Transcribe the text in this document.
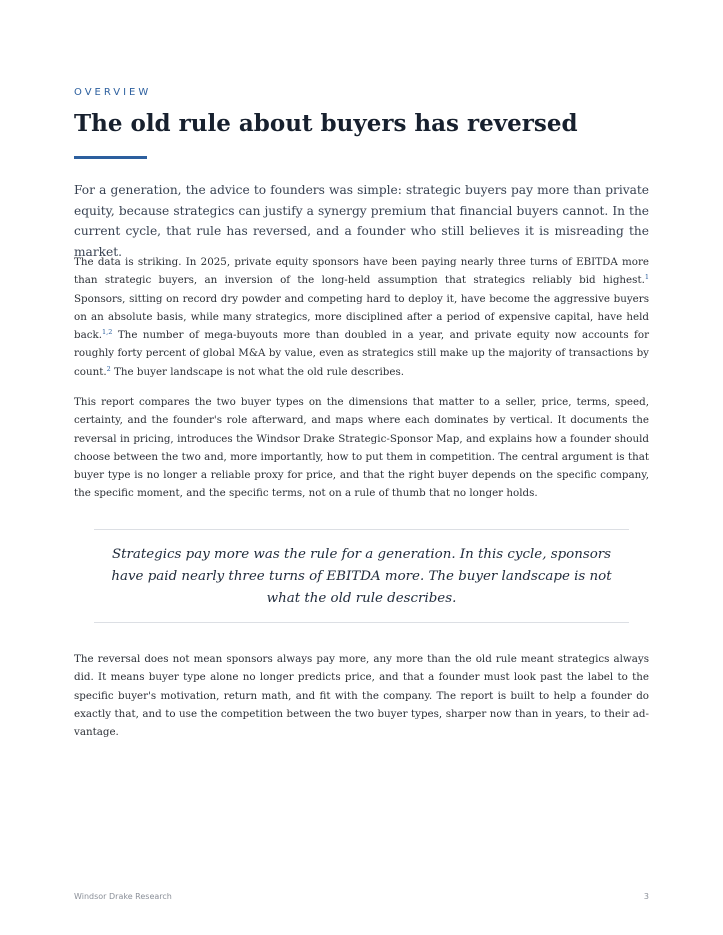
OVERVIEW
The old rule about buyers has reversed

For a generation, the advice to founders was simple: strategic buyers pay more than private equity, because strategics can justify a synergy premium that financial buyers cannot. In the current cycle, that rule has reversed, and a founder who still believes it is misreading the market.

The data is striking. In 2025, private equity sponsors have been paying nearly three turns of EBITDA more than strategic buyers, an inversion of the long-held assumption that strategics reliably bid highest.$^1$ Sponsors, sitting on record dry powder and competing hard to deploy it, have become the aggressive buyers on an absolute basis, while many strategics, more disciplined after a period of expensive capital, have held back.$^{1,2}$ The number of mega-buyouts more than doubled in a year, and private equity now accounts for roughly forty percent of global M&A by value, even as strategics still make up the majority of transactions by count.$^2$ The buyer landscape is not what the old rule describes.

This report compares the two buyer types on the dimensions that matter to a seller, price, terms, speed, certainty, and the founder's role afterward, and maps where each dominates by vertical. It documents the reversal in pricing, introduces the Windsor Drake Strategic-Sponsor Map, and explains how a founder should choose between the two and, more importantly, how to put them in competition. The central argument is that buyer type is no longer a reliable proxy for price, and that the right buyer depends on the specific company, the specific moment, and the specific terms, not on a rule of thumb that no longer holds.

Strategics pay more was the rule for a generation. In this cycle, sponsors have paid nearly three turns of EBITDA more. The buyer landscape is not what the old rule describes.

The reversal does not mean sponsors always pay more, any more than the old rule meant strategics always did. It means buyer type alone no longer predicts price, and that a founder must look past the label to the specific buyer's motivation, return math, and fit with the company. The report is built to help a founder do exactly that, and to use the competition between the two buyer types, sharper now than in years, to their advantage.

Windsor Drake Research	3
